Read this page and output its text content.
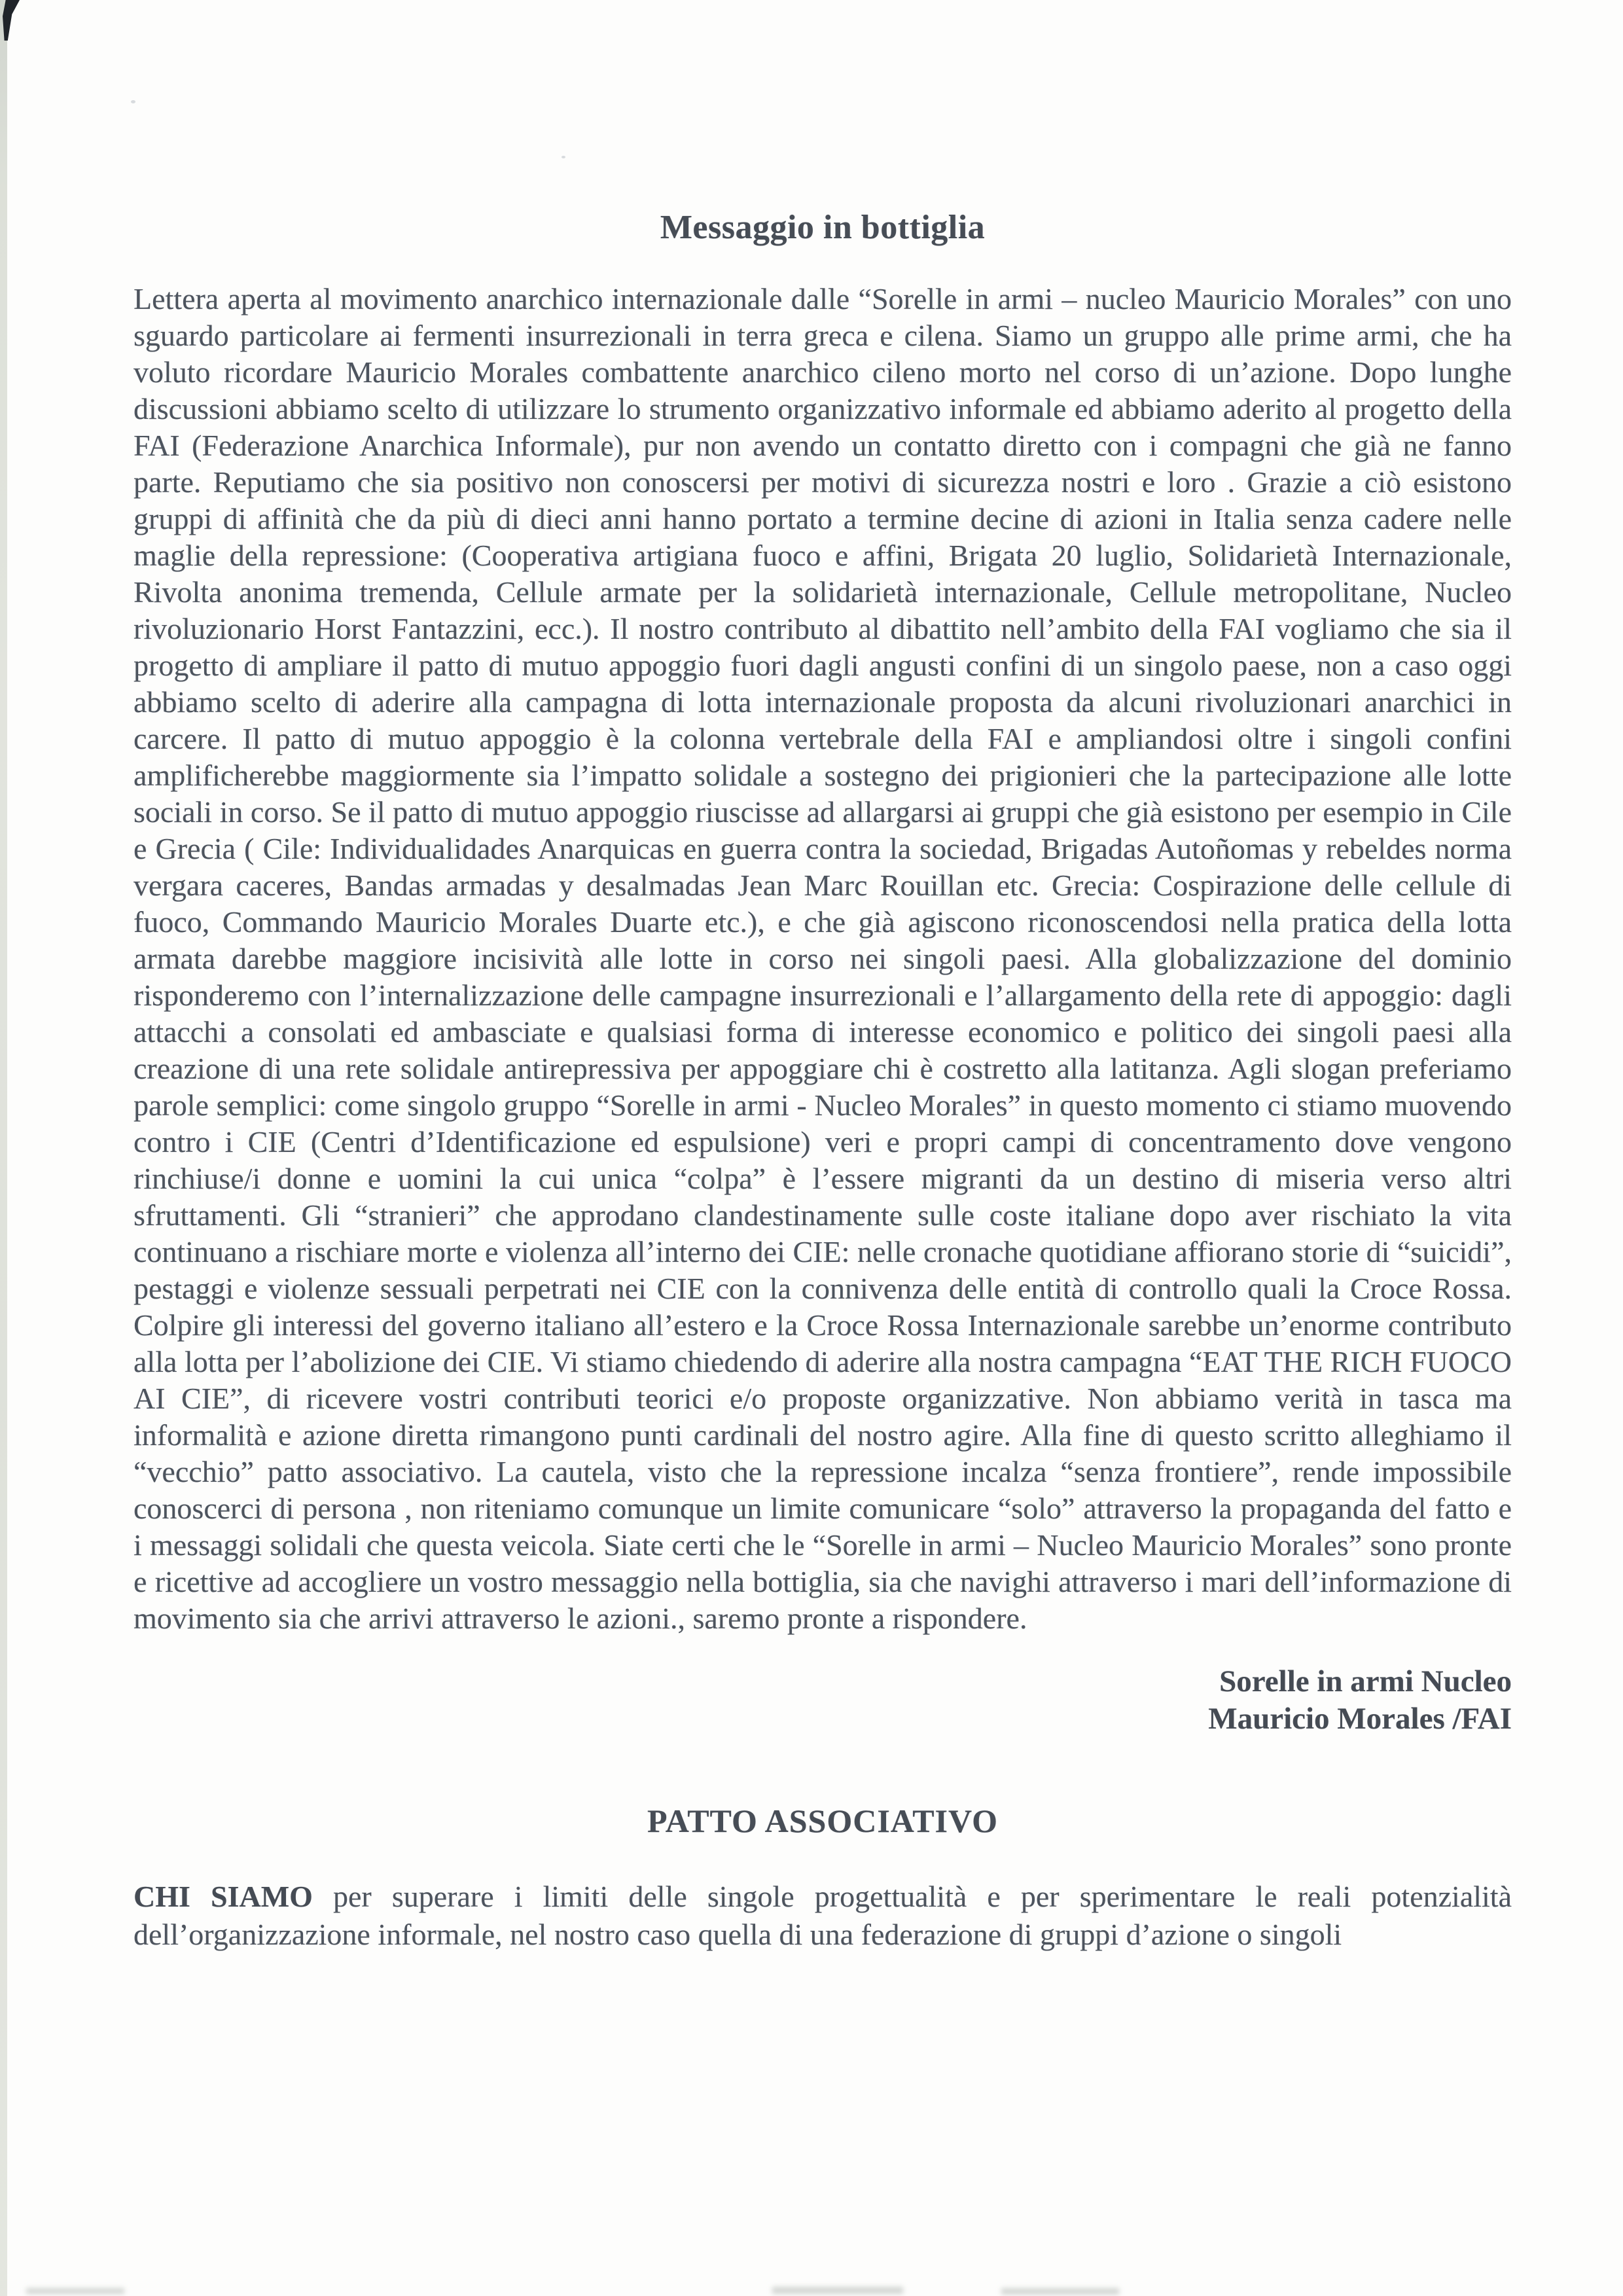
Messaggio in bottiglia

Lettera aperta al movimento anarchico internazionale dalle “Sorelle in armi – nucleo Mauricio Morales” con uno sguardo particolare ai fermenti insurrezionali in terra greca e cilena. Siamo un gruppo alle prime armi, che ha voluto ricordare Mauricio Morales combattente anarchico cileno morto nel corso di un’azione. Dopo lunghe discussioni abbiamo scelto di utilizzare lo strumento organizzativo informale ed abbiamo aderito al progetto della FAI (Federazione Anarchica Informale), pur non avendo un contatto diretto con i compagni che già ne fanno parte. Reputiamo che sia positivo non conoscersi per motivi di sicurezza nostri e loro . Grazie a ciò esistono gruppi di affinità che da più di dieci anni hanno portato a termine decine di azioni in Italia senza cadere nelle maglie della repressione: (Cooperativa artigiana fuoco e affini, Brigata 20 luglio, Solidarietà Internazionale, Rivolta anonima tremenda, Cellule armate per la solidarietà internazionale, Cellule metropolitane, Nucleo rivoluzionario Horst Fantazzini, ecc.). Il nostro contributo al dibattito nell’ambito della FAI vogliamo che sia il progetto di ampliare il patto di mutuo appoggio fuori dagli angusti confini di un singolo paese, non a caso oggi abbiamo scelto di aderire alla campagna di lotta internazionale proposta da alcuni rivoluzionari anarchici in carcere. Il patto di mutuo appoggio è la colonna vertebrale della FAI e ampliandosi oltre i singoli confini amplificherebbe maggiormente sia l’impatto solidale a sostegno dei prigionieri che la partecipazione alle lotte sociali in corso. Se il patto di mutuo appoggio riuscisse ad allargarsi ai gruppi che già esistono per esempio in Cile e Grecia ( Cile: Individualidades Anarquicas en guerra contra la sociedad, Brigadas Autoñomas y rebeldes norma vergara caceres, Bandas armadas y desalmadas Jean Marc Rouillan etc. Grecia: Cospirazione delle cellule di fuoco, Commando Mauricio Morales Duarte etc.), e che già agiscono riconoscendosi nella pratica della lotta armata darebbe maggiore incisività alle lotte in corso nei singoli paesi. Alla globalizzazione del dominio risponderemo con l’internalizzazione delle campagne insurrezionali e l’allargamento della rete di appoggio: dagli attacchi a consolati ed ambasciate e qualsiasi forma di interesse economico e politico dei singoli paesi alla creazione di una rete solidale antirepressiva per appoggiare chi è costretto alla latitanza. Agli slogan preferiamo parole semplici: come singolo gruppo “Sorelle in armi - Nucleo Morales” in questo momento ci stiamo muovendo contro i CIE (Centri d’Identificazione ed espulsione) veri e propri campi di concentramento dove vengono rinchiuse/i donne e uomini la cui unica “colpa” è l’essere migranti da un destino di miseria verso altri sfruttamenti. Gli “stranieri” che approdano clandestinamente sulle coste italiane dopo aver rischiato la vita continuano a rischiare morte e violenza all’interno dei CIE: nelle cronache quotidiane affiorano storie di “suicidi”, pestaggi e violenze sessuali perpetrati nei CIE con la connivenza delle entità di controllo quali la Croce Rossa. Colpire gli interessi del governo italiano all’estero e la Croce Rossa Internazionale sarebbe un’enorme contributo alla lotta per l’abolizione dei CIE. Vi stiamo chiedendo di aderire alla nostra campagna “EAT THE RICH FUOCO AI CIE”, di ricevere vostri contributi teorici e/o proposte organizzative. Non abbiamo verità in tasca ma informalità e azione diretta rimangono punti cardinali del nostro agire. Alla fine di questo scritto alleghiamo il “vecchio” patto associativo. La cautela, visto che la repressione incalza “senza frontiere”, rende impossibile conoscerci di persona , non riteniamo comunque un limite comunicare “solo” attraverso la propaganda del fatto e i messaggi solidali che questa veicola. Siate certi che le “Sorelle in armi – Nucleo Mauricio Morales” sono pronte e ricettive ad accogliere un vostro messaggio nella bottiglia, sia che navighi attraverso i mari dell’informazione di movimento sia che arrivi attraverso le azioni., saremo pronte a rispondere.

Sorelle in armi Nucleo
Mauricio Morales /FAI
PATTO ASSOCIATIVO

CHI SIAMO per superare i limiti delle singole progettualità e per sperimentare le reali potenzialità dell’organizzazione informale, nel nostro caso quella di una federazione di gruppi d’azione o singoli
